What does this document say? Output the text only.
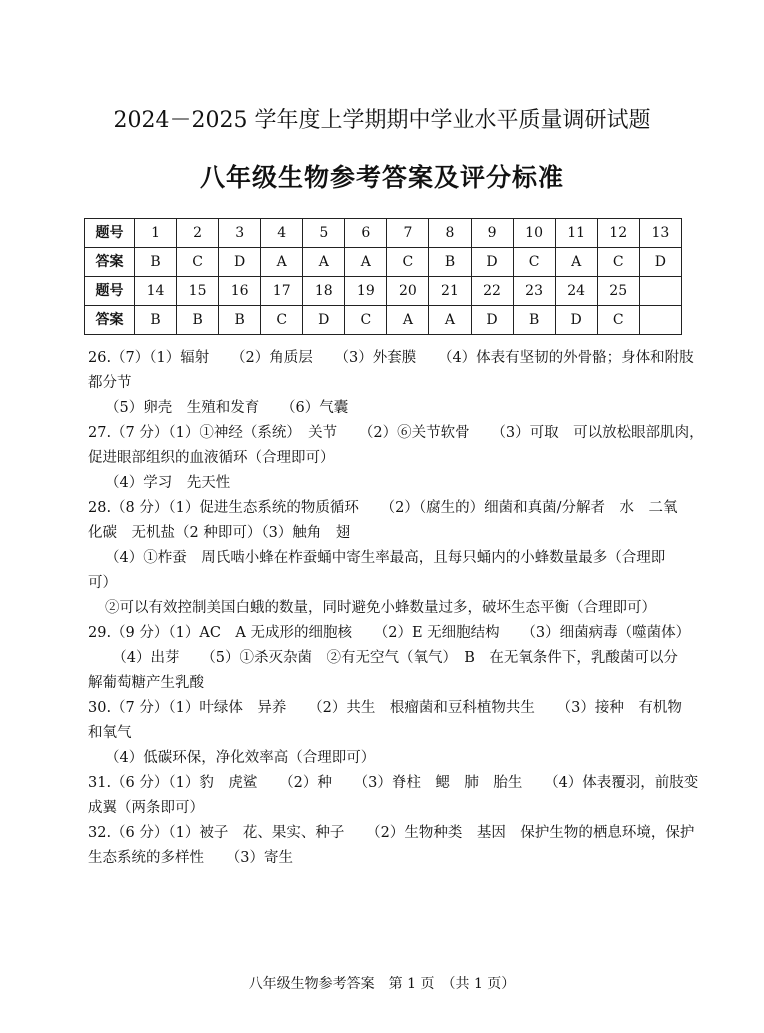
2024－2025 学年度上学期期中学业水平质量调研试题
八年级生物参考答案及评分标准
题号	1	2	3	4	5	6	7	8	9	10	11	12	13
答案	B	C	D	A	A	A	C	B	D	C	A	C	D
题号	14	15	16	17	18	19	20	21	22	23	24	25	
答案	B	B	B	C	D	C	A	A	D	B	D	C	
26.（7）（1）辐射　　（2）角质层　　（3）外套膜　　（4）体表有坚韧的外骨骼；身体和附肢
都分节
（5）卵壳　生殖和发育　　（6）气囊
27.（7 分）（1）①神经（系统）　关节　　（2）⑥关节软骨　　（3）可取　可以放松眼部肌肉，
促进眼部组织的血液循环（合理即可）
（4）学习　先天性
28.（8 分）（1）促进生态系统的物质循环　　（2）（腐生的）细菌和真菌/分解者　水　二氧
化碳　无机盐（2 种即可）（3）触角　翅
（4）①柞蚕　周氏啮小蜂在柞蚕蛹中寄生率最高，且每只蛹内的小蜂数量最多（合理即
可）
②可以有效控制美国白蛾的数量，同时避免小蜂数量过多，破坏生态平衡（合理即可）
29.（9 分）（1）AC　A 无成形的细胞核　　（2）E 无细胞结构　　（3）细菌病毒（噬菌体）
　（4）出芽　　（5）①杀灭杂菌　②有无空气（氧气）　B　在无氧条件下，乳酸菌可以分
解葡萄糖产生乳酸
30.（7 分）（1）叶绿体　异养　　（2）共生　根瘤菌和豆科植物共生　　（3）接种　有机物
和氧气
（4）低碳环保，净化效率高（合理即可）
31.（6 分）（1）豹　虎鲨　　（2）种　　（3）脊柱　鳃　肺　胎生　　（4）体表覆羽，前肢变
成翼（两条即可）
32.（6 分）（1）被子　花、果实、种子　　（2）生物种类　基因　保护生物的栖息环境，保护
生态系统的多样性　　（3）寄生
八年级生物参考答案　第 1 页　（共 1 页）
